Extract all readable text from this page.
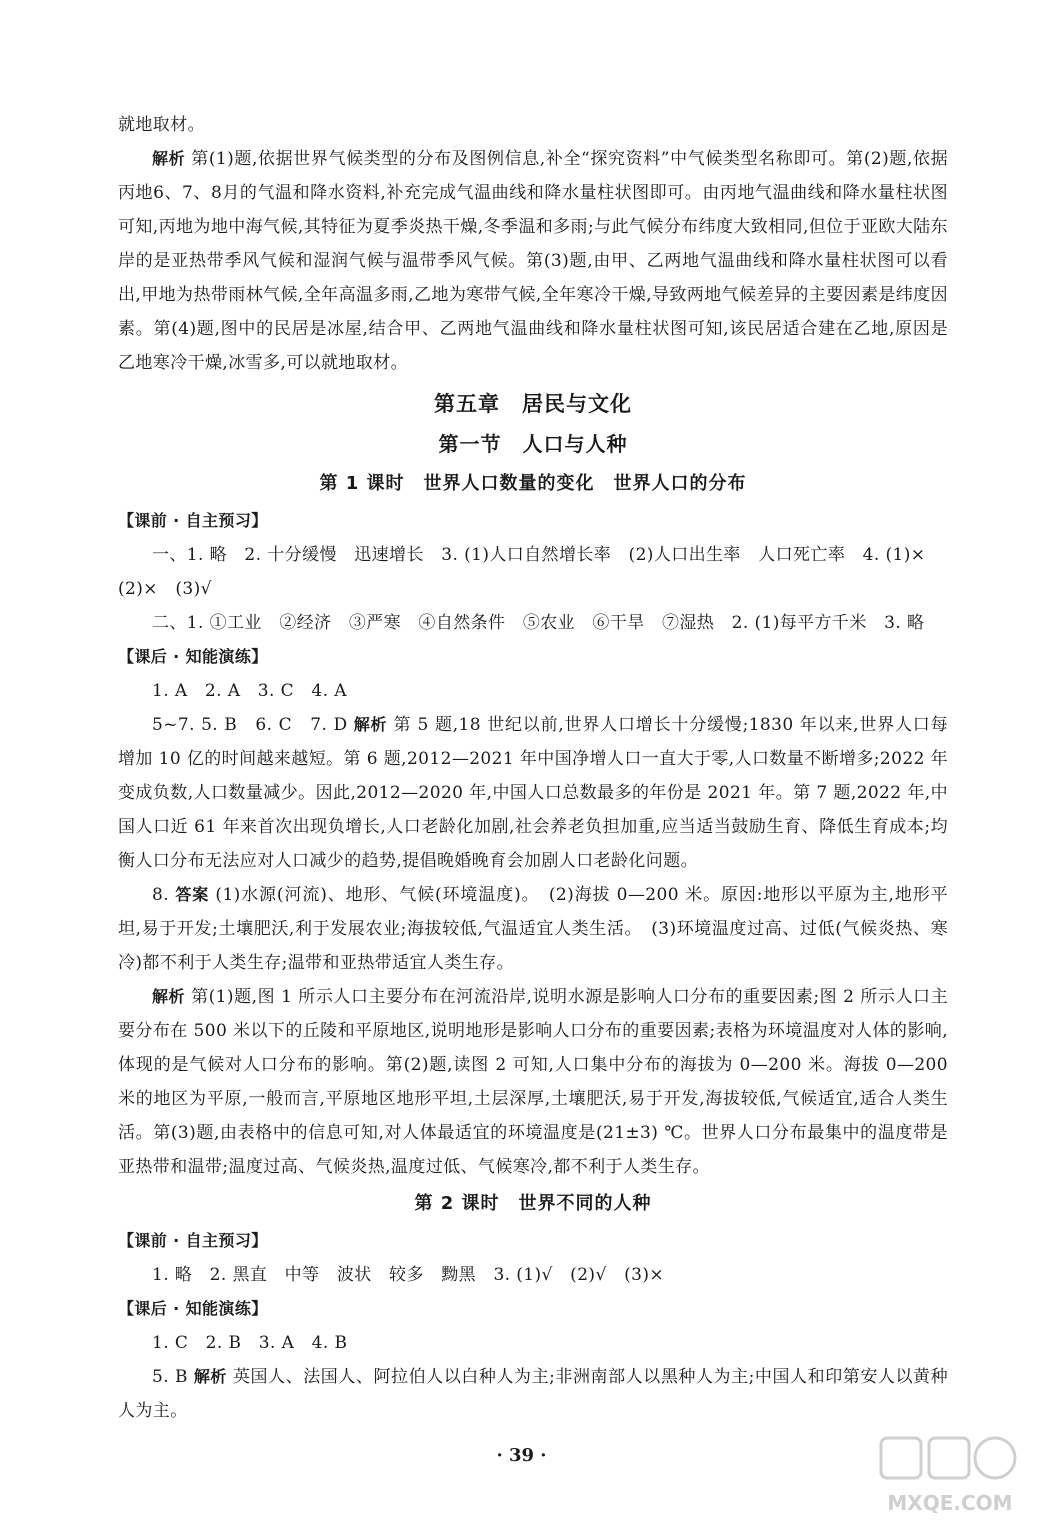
就地取材。

解析 第(1)题,依据世界气候类型的分布及图例信息,补全“探究资料”中气候类型名称即可。第(2)题,依据丙地6、7、8月的气温和降水资料,补充完成气温曲线和降水量柱状图即可。由丙地气温曲线和降水量柱状图可知,丙地为地中海气候,其特征为夏季炎热干燥,冬季温和多雨;与此气候分布纬度大致相同,但位于亚欧大陆东岸的是亚热带季风气候和湿润气候与温带季风气候。第(3)题,由甲、乙两地气温曲线和降水量柱状图可以看出,甲地为热带雨林气候,全年高温多雨,乙地为寒带气候,全年寒冷干燥,导致两地气候差异的主要因素是纬度因素。第(4)题,图中的民居是冰屋,结合甲、乙两地气温曲线和降水量柱状图可知,该民居适合建在乙地,原因是乙地寒冷干燥,冰雪多,可以就地取材。

第五章　居民与文化
第一节　人口与人种
第 1 课时　世界人口数量的变化　世界人口的分布
【课前 · 自主预习】

一、1. 略　2. 十分缓慢　迅速增长　3. (1)人口自然增长率　(2)人口出生率　人口死亡率　4. (1)×

(2)×　(3)√

二、1. ①工业　②经济　③严寒　④自然条件　⑤农业　⑥干旱　⑦湿热　2. (1)每平方千米　3. 略

【课后 · 知能演练】

1. A　2. A　3. C　4. A

5~7. 5. B　6. C　7. D 解析 第 5 题,18 世纪以前,世界人口增长十分缓慢;1830 年以来,世界人口每增加 10 亿的时间越来越短。第 6 题,2012—2021 年中国净增人口一直大于零,人口数量不断增多;2022 年变成负数,人口数量减少。因此,2012—2020 年,中国人口总数最多的年份是 2021 年。第 7 题,2022 年,中国人口近 61 年来首次出现负增长,人口老龄化加剧,社会养老负担加重,应当适当鼓励生育、降低生育成本;均衡人口分布无法应对人口减少的趋势,提倡晚婚晚育会加剧人口老龄化问题。

8. 答案 (1)水源(河流)、地形、气候(环境温度)。　(2)海拔 0—200 米。原因:地形以平原为主,地形平坦,易于开发;土壤肥沃,利于发展农业;海拔较低,气温适宜人类生活。　(3)环境温度过高、过低(气候炎热、寒冷)都不利于人类生存;温带和亚热带适宜人类生存。

解析 第(1)题,图 1 所示人口主要分布在河流沿岸,说明水源是影响人口分布的重要因素;图 2 所示人口主要分布在 500 米以下的丘陵和平原地区,说明地形是影响人口分布的重要因素;表格为环境温度对人体的影响,体现的是气候对人口分布的影响。第(2)题,读图 2 可知,人口集中分布的海拔为 0—200 米。海拔 0—200 米的地区为平原,一般而言,平原地区地形平坦,土层深厚,土壤肥沃,易于开发,海拔较低,气候适宜,适合人类生活。第(3)题,由表格中的信息可知,对人体最适宜的环境温度是(21±3) ℃。世界人口分布最集中的温度带是亚热带和温带;温度过高、气候炎热,温度过低、气候寒冷,都不利于人类生存。

第 2 课时　世界不同的人种
【课前 · 自主预习】

1. 略　2. 黑直　中等　波状　较多　黝黑　3. (1)√　(2)√　(3)×

【课后 · 知能演练】

1. C　2. B　3. A　4. B

5. B 解析 英国人、法国人、阿拉伯人以白种人为主;非洲南部人以黑种人为主;中国人和印第安人以黄种人为主。

· 39 ·
MXQE.COM
